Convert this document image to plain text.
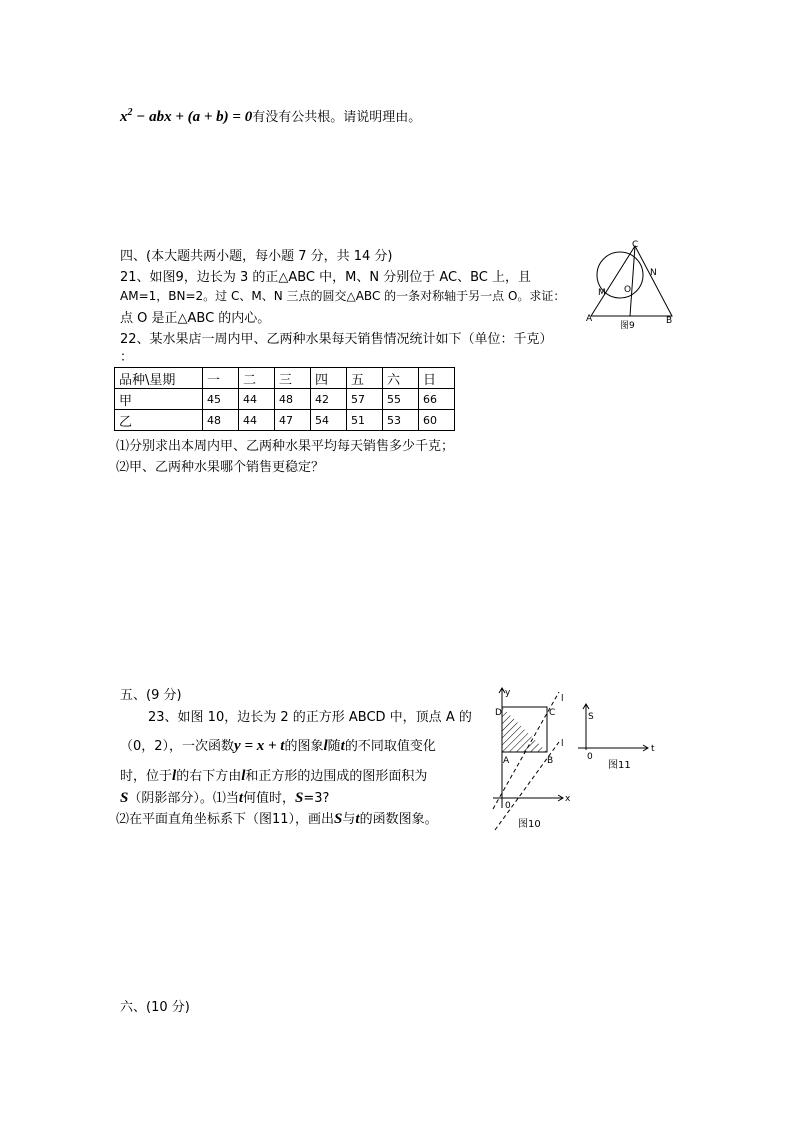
$x^2$ − abx + (a + b) = 0有没有公共根。请说明理由。
四、(本大题共两小题，每小题 7 分，共 14 分)
21、如图9，边长为 3 的正△ABC 中，M、N 分别位于 AC、BC 上，且
AM=1，BN=2。过 C、M、N 三点的圆交△ABC 的一条对称轴于另一点 O。求证：
点 O 是正△ABC 的内心。
22、某水果店一周内甲、乙两种水果每天销售情况统计如下（单位：千克）
：
品种\星期	一	二	三	四	五	六	日
甲	45	44	48	42	57	55	66
乙	48	44	47	54	51	53	60
⑴分别求出本周内甲、乙两种水果平均每天销售多少千克；
⑵甲、乙两种水果哪个销售更稳定？
C
M
N
O
A	B
图9
五、(9 分)
23、如图 10，边长为 2 的正方形 ABCD 中，顶点 A 的
（0，2），一次函数y = x + t的图象l随t的不同取值变化
时，位于l的右下方由l和正方形的边围成的图形面积为
S（阴影部分）。⑴当t何值时，S=3?
⑵在平面直角坐标系下（图11），画出S与t的函数图象。
y
x
0
D	C
A	B
l
l
图10
S
t
0
图11
六、(10 分)
